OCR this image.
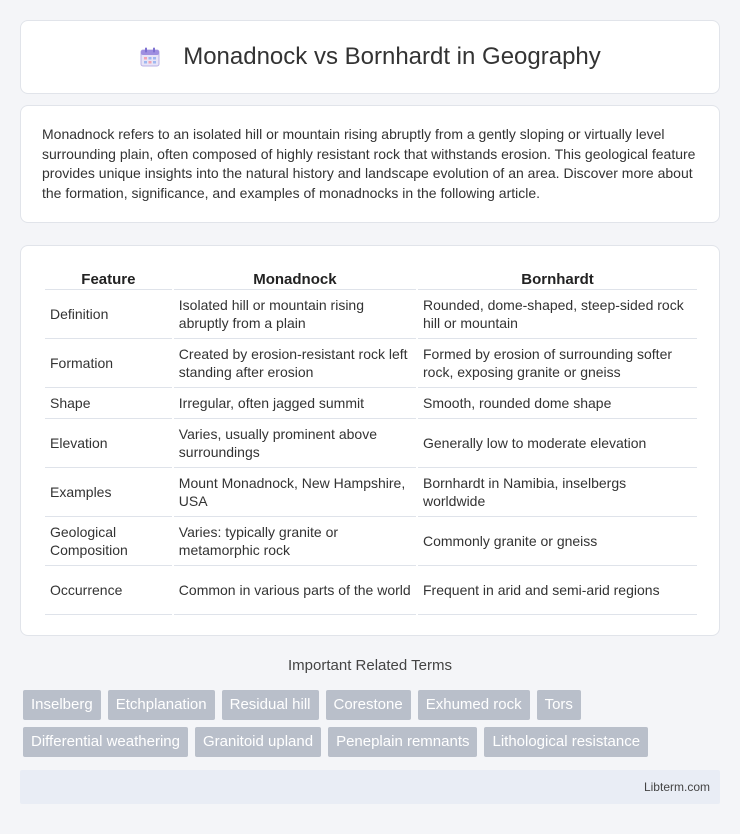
Monadnock vs Bornhardt in Geography

Monadnock refers to an isolated hill or mountain rising abruptly from a gently sloping or virtually level surrounding plain, often composed of highly resistant rock that withstands erosion. This geological feature provides unique insights into the natural history and landscape evolution of an area. Discover more about the formation, significance, and examples of monadnocks in the following article.

Feature	Monadnock	Bornhardt
Definition	Isolated hill or mountain rising abruptly from a plain	Rounded, dome-shaped, steep-sided rock hill or mountain
Formation	Created by erosion-resistant rock left standing after erosion	Formed by erosion of surrounding softer rock, exposing granite or gneiss
Shape	Irregular, often jagged summit	Smooth, rounded dome shape
Elevation	Varies, usually prominent above surroundings	Generally low to moderate elevation
Examples	Mount Monadnock, New Hampshire, USA	Bornhardt in Namibia, inselbergs worldwide
Geological Composition	Varies: typically granite or metamorphic rock	Commonly granite or gneiss
Occurrence	Common in various parts of the world	Frequent in arid and semi-arid regions
Important Related Terms
Inselberg	Etchplanation	Residual hill	Corestone	Exhumed rock	Tors
Differential weathering	Granitoid upland	Peneplain remnants	Lithological resistance
Libterm.com
